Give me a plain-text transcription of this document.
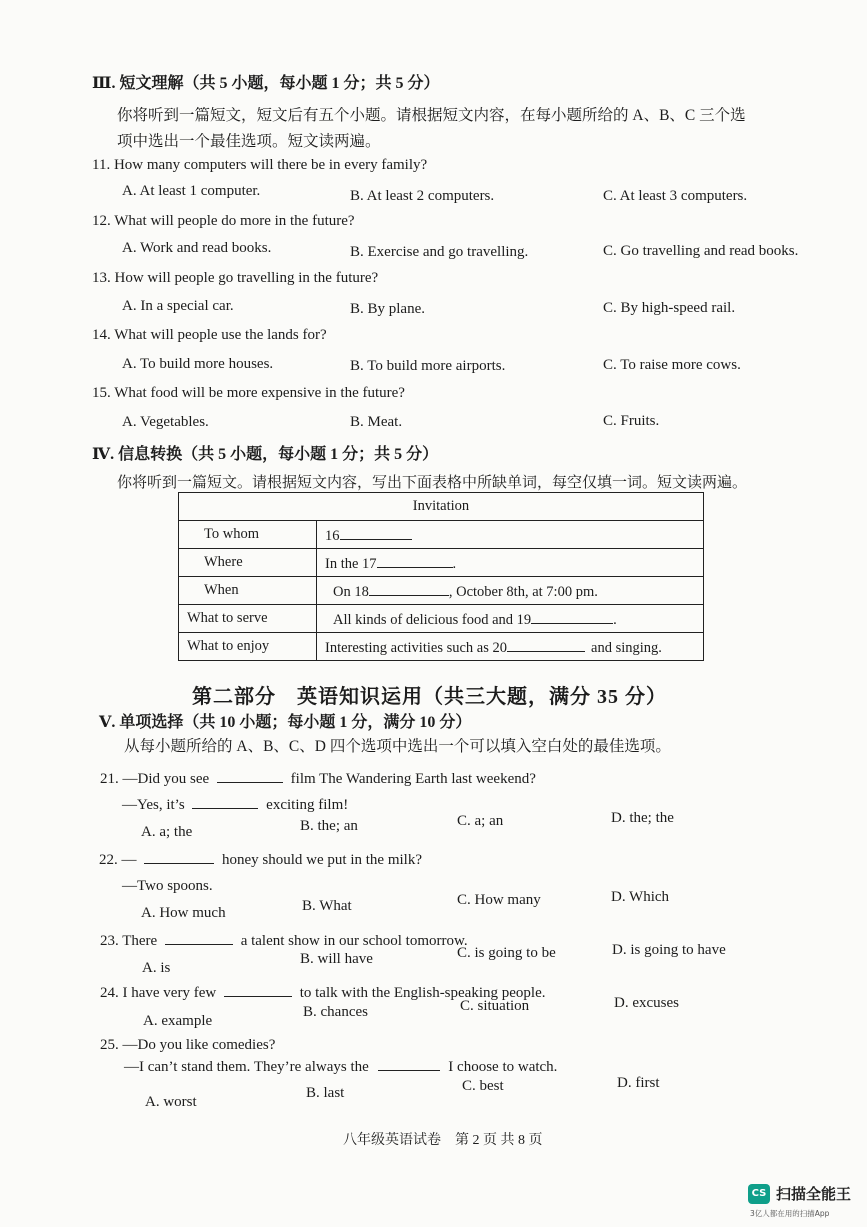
Ⅲ. 短文理解（共 5 小题，每小题 1 分；共 5 分）
你将听到一篇短文，短文后有五个小题。请根据短文内容，在每小题所给的 A、B、C 三个选
项中选出一个最佳选项。短文读两遍。
11. How many computers will there be in every family?
A. At least 1 computer.	B. At least 2 computers.	C. At least 3 computers.
12. What will people do more in the future?
A. Work and read books.	B. Exercise and go travelling.	C. Go travelling and read books.
13. How will people go travelling in the future?
A. In a special car.	B. By plane.	C. By high-speed rail.
14. What will people use the lands for?
A. To build more houses.	B. To build more airports.	C. To raise more cows.
15. What food will be more expensive in the future?
A. Vegetables.	B. Meat.	C. Fruits.
Ⅳ. 信息转换（共 5 小题，每小题 1 分；共 5 分）
你将听到一篇短文。请根据短文内容，写出下面表格中所缺单词，每空仅填一词。短文读两遍。
Invitation	
To whom	16
Where	In the 17 .
When	On 18 , October 8th, at 7:00 pm.
What to serve	All kinds of delicious food and 19 .
What to enjoy	Interesting activities such as 20 and singing.
第二部分　英语知识运用（共三大题，满分 35 分）
Ⅴ. 单项选择（共 10 小题；每小题 1 分，满分 10 分）
从每小题所给的 A、B、C、D 四个选项中选出一个可以填入空白处的最佳选项。
21. —Did you see	film The Wandering Earth last weekend?
—Yes, it’s	exciting film!
A. a; the	B. the; an	C. a; an	D. the; the
22. —	honey should we put in the milk?
—Two spoons.
A. How much	B. What	C. How many	D. Which
23. There	a talent show in our school tomorrow.
A. is
B. will have	C. is going to be	D. is going to have
24. I have very few	to talk with the English-speaking people.
A. example
B. chances	C. situation	D. excuses
25. —Do you like comedies?
—I can’t stand them. They’re always the	I choose to watch.
A. worst
B. last	C. best	D. first
八年级英语试卷　第 2 页 共 8 页
CS 扫描全能王
3亿人都在用的扫描App
